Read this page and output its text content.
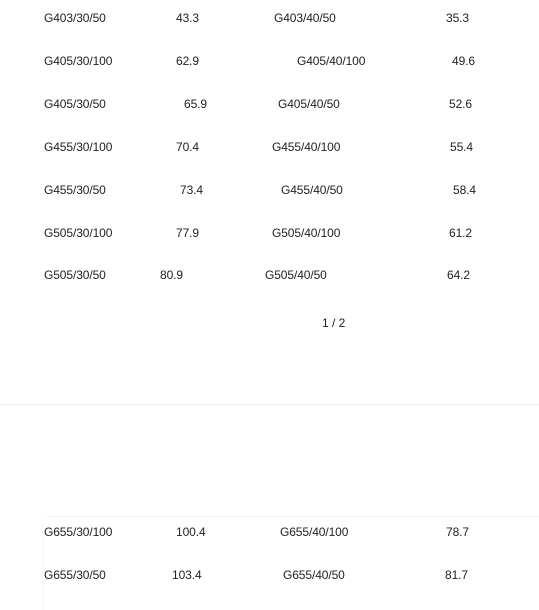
G403/30/50	43.3	G403/40/50	35.3
G405/30/100	62.9	G405/40/100	49.6
G405/30/50	65.9	G405/40/50	52.6
G455/30/100	70.4	G455/40/100	55.4
G455/30/50	73.4	G455/40/50	58.4
G505/30/100	77.9	G505/40/100	61.2
G505/30/50	80.9	G505/40/50	64.2
1 / 2
G655/30/100	100.4	G655/40/100	78.7
G655/30/50	103.4	G655/40/50	81.7
